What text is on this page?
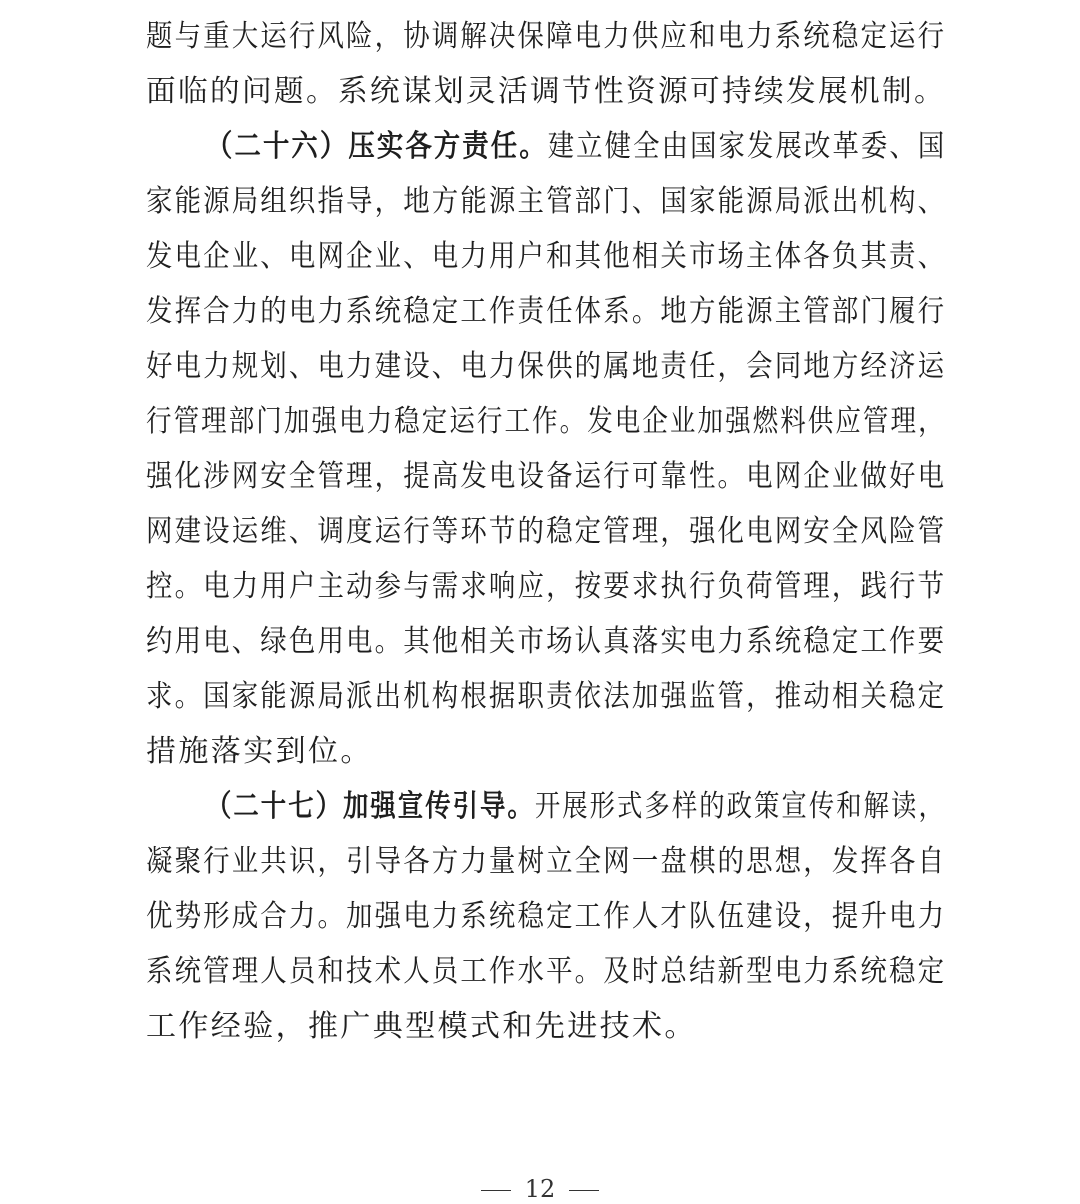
题与重大运行风险，协调解决保障电力供应和电力系统稳定运行
面临的问题。系统谋划灵活调节性资源可持续发展机制。
（二十六）压实各方责任。建立健全由国家发展改革委、国
家能源局组织指导，地方能源主管部门、国家能源局派出机构、
发电企业、电网企业、电力用户和其他相关市场主体各负其责、
发挥合力的电力系统稳定工作责任体系。地方能源主管部门履行
好电力规划、电力建设、电力保供的属地责任，会同地方经济运
行管理部门加强电力稳定运行工作。发电企业加强燃料供应管理，
强化涉网安全管理，提高发电设备运行可靠性。电网企业做好电
网建设运维、调度运行等环节的稳定管理，强化电网安全风险管
控。电力用户主动参与需求响应，按要求执行负荷管理，践行节
约用电、绿色用电。其他相关市场认真落实电力系统稳定工作要
求。国家能源局派出机构根据职责依法加强监管，推动相关稳定
措施落实到位。
（二十七）加强宣传引导。开展形式多样的政策宣传和解读，
凝聚行业共识，引导各方力量树立全网一盘棋的思想，发挥各自
优势形成合力。加强电力系统稳定工作人才队伍建设，提升电力
系统管理人员和技术人员工作水平。及时总结新型电力系统稳定
工作经验，推广典型模式和先进技术。
12
